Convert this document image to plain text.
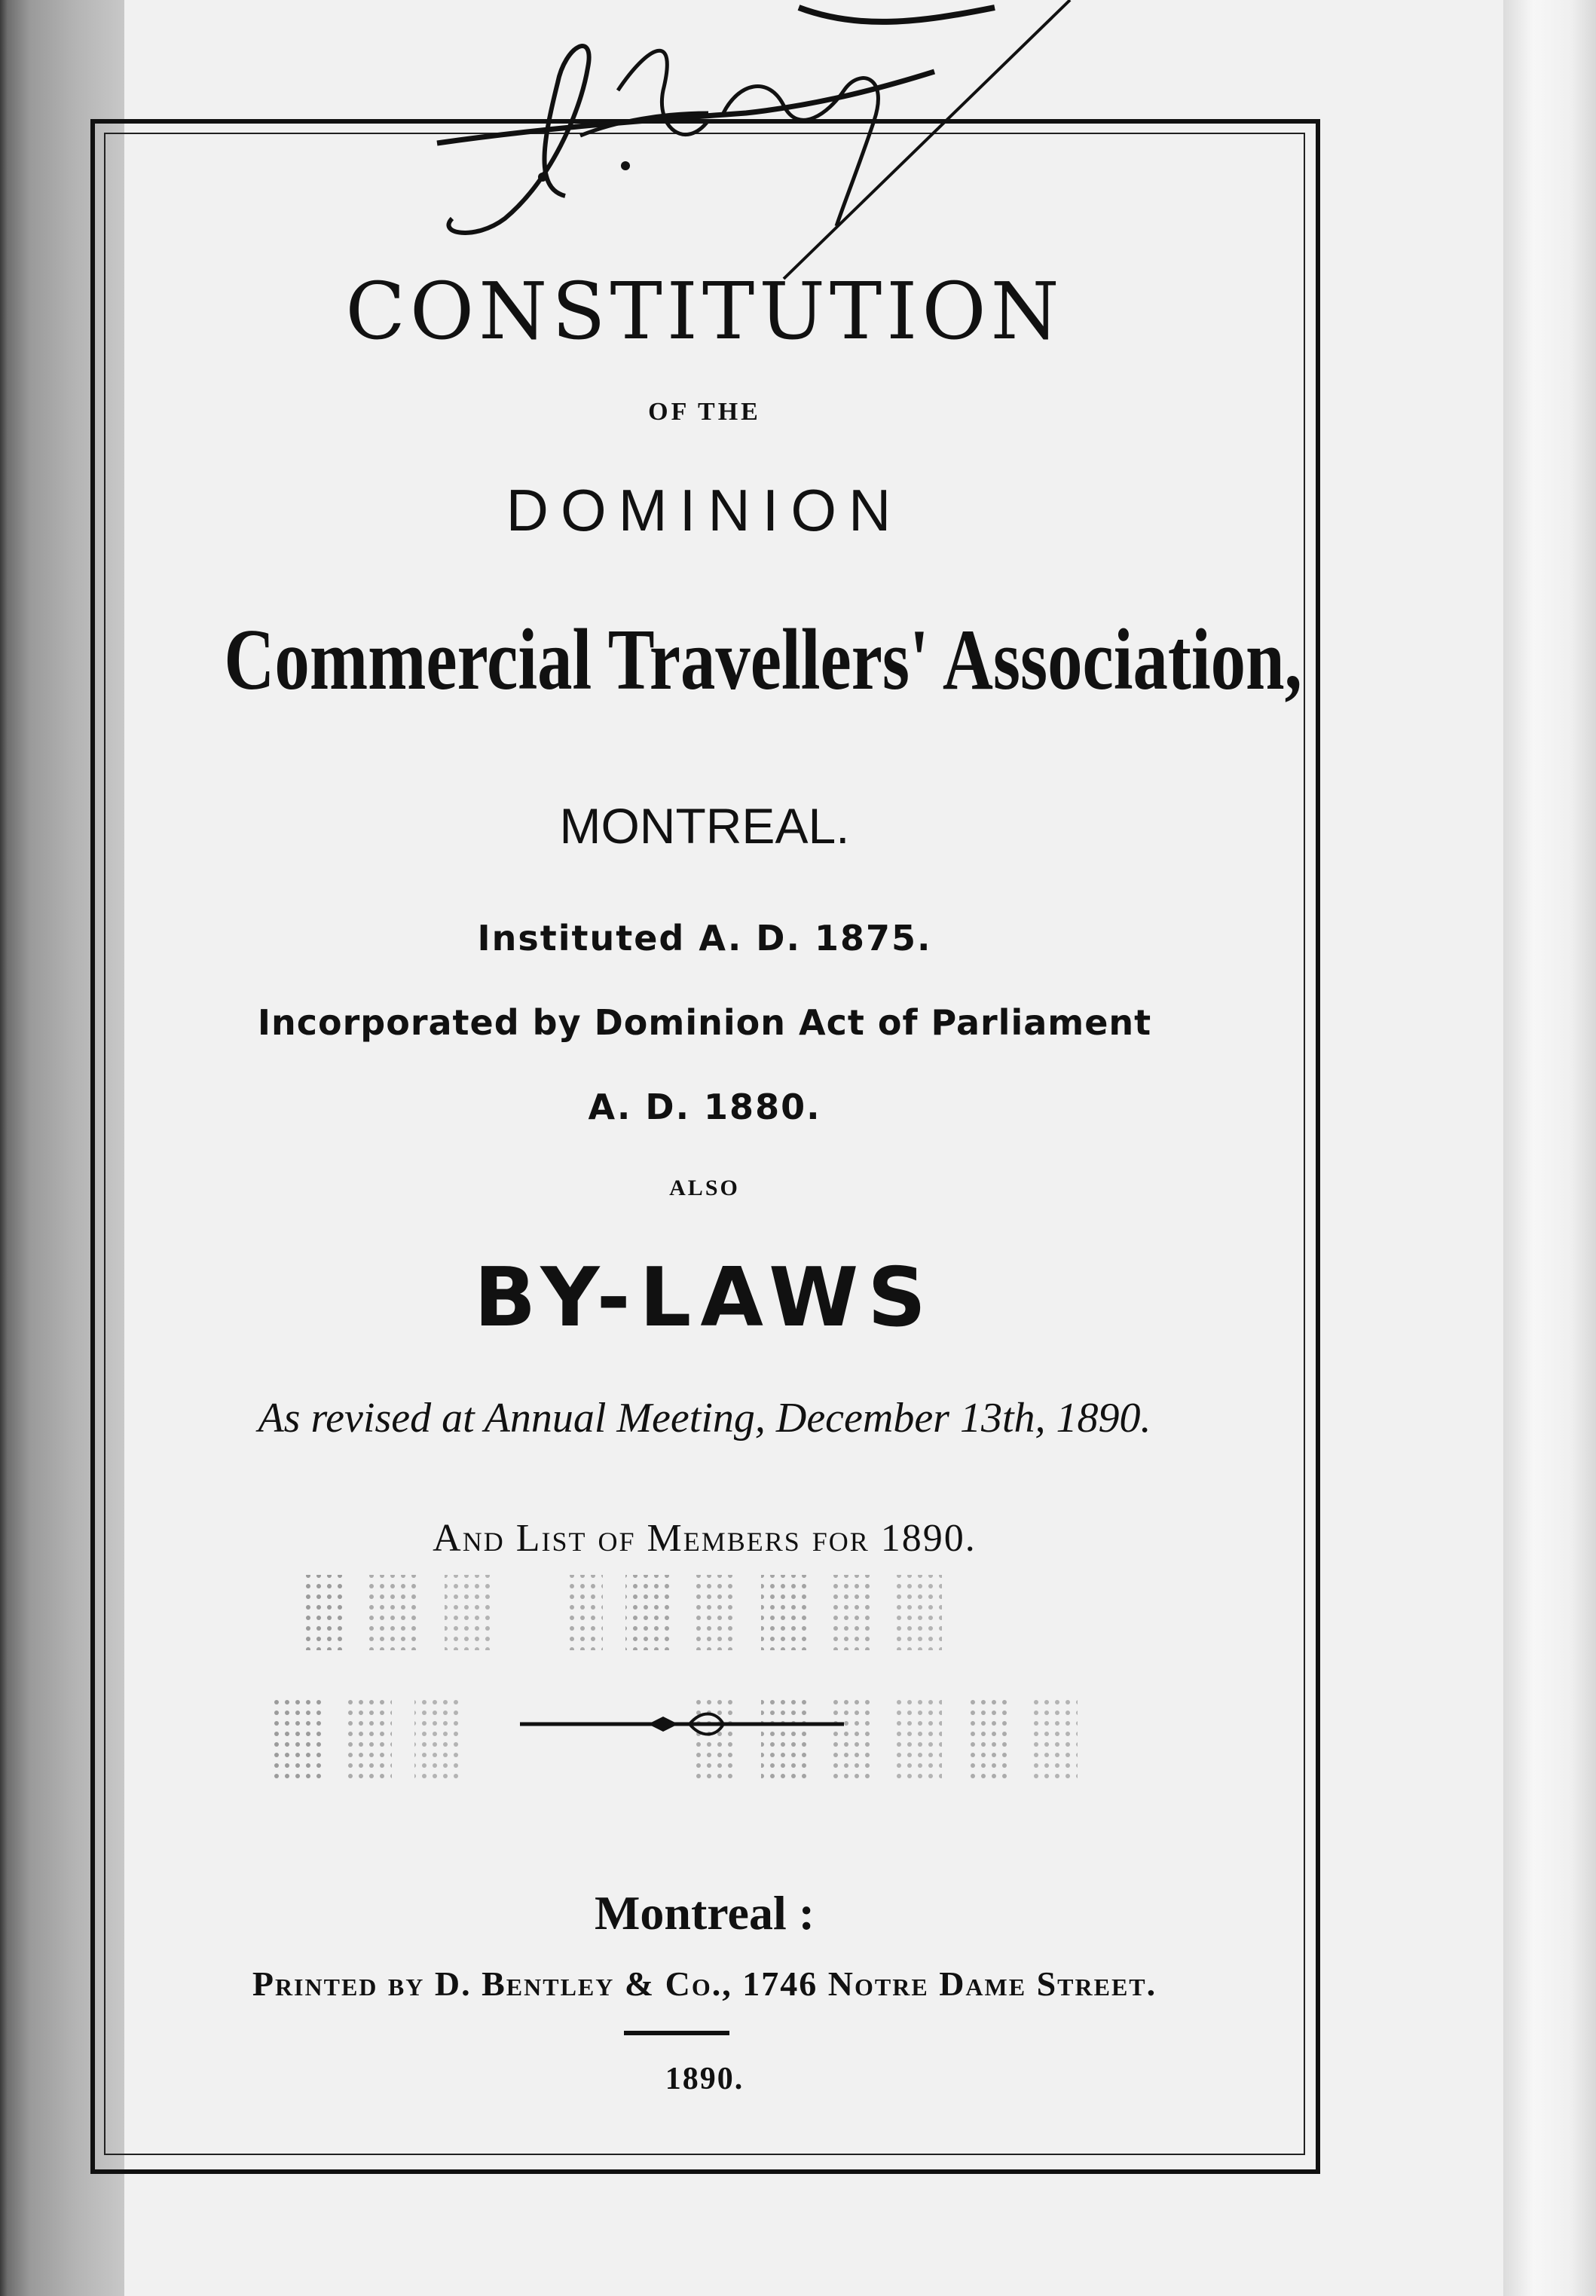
CONSTITUTION
OF THE
DOMINION
Commercial Travellers' Association,
MONTREAL.
Instituted A. D. 1875.
Incorporated by Dominion Act of Parliament
A. D. 1880.
ALSO
BY-LAWS
As revised at Annual Meeting, December 13th, 1890.
And List of Members for 1890.
Montreal :
Printed by D. Bentley & Co., 1746 Notre Dame Street.
1890.
